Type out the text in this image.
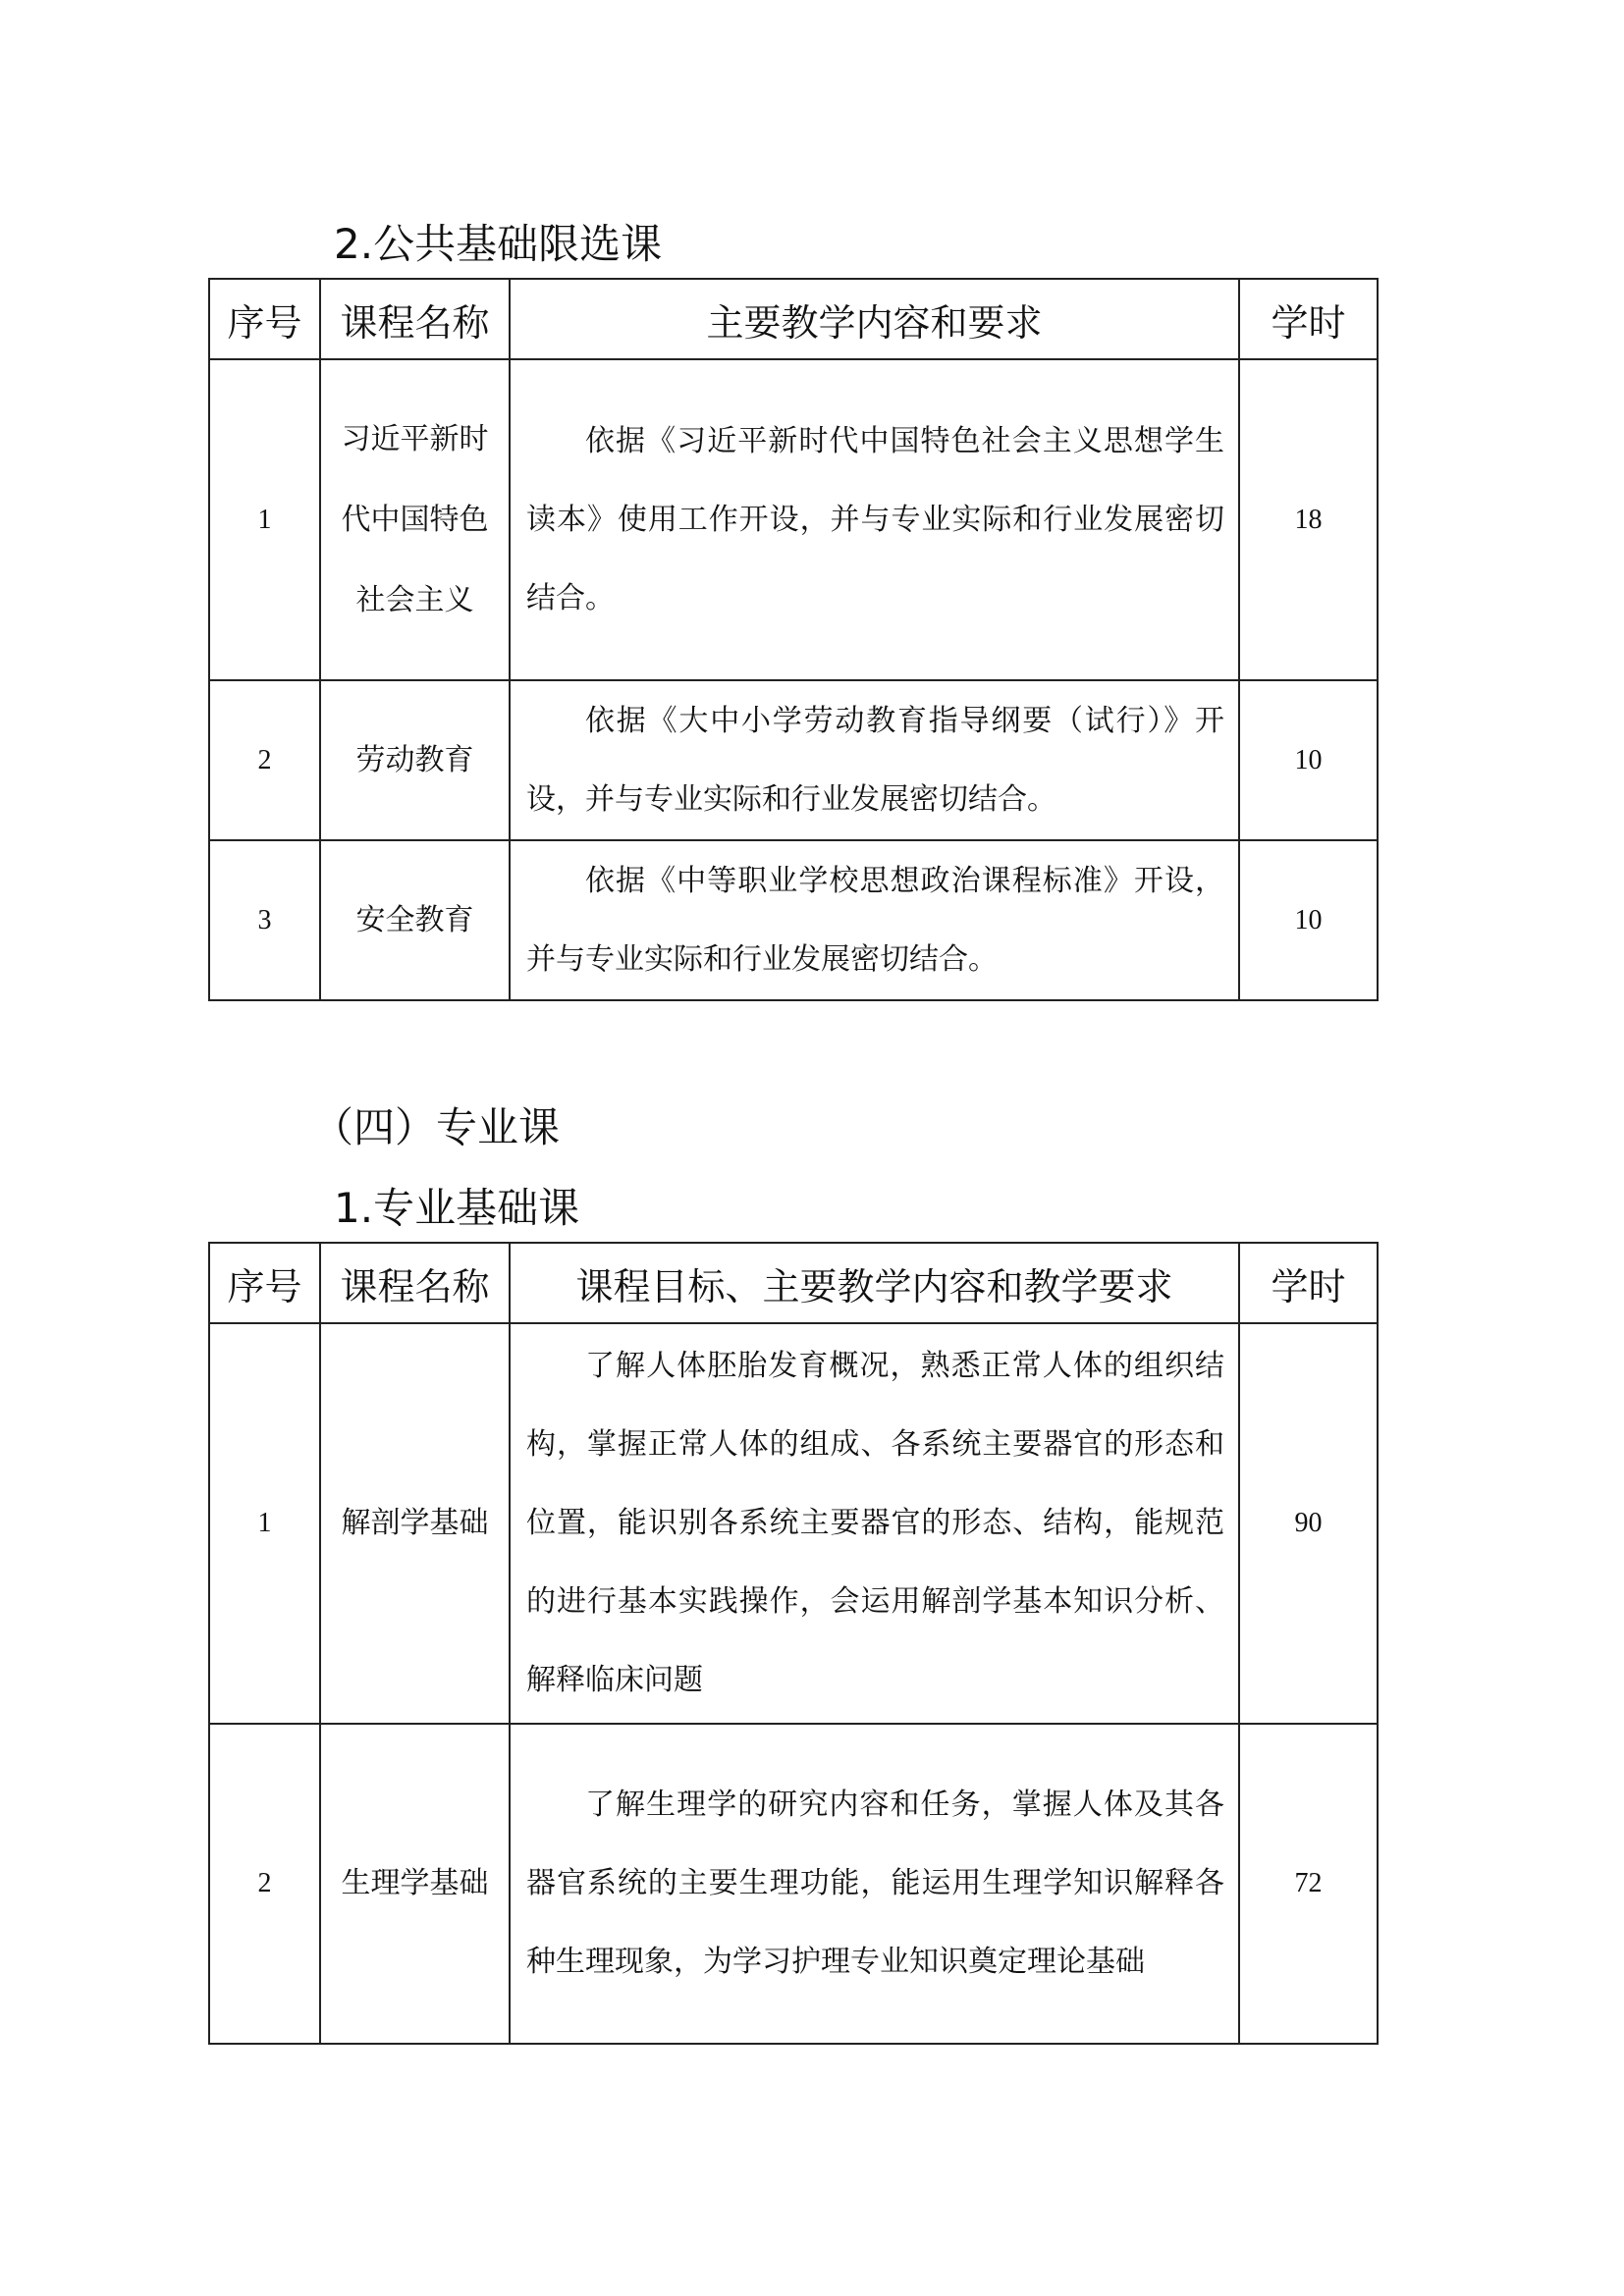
2.公共基础限选课
序号	课程名称	主要教学内容和要求	学时
1	习近平新时代中国特色社会主义	依据《习近平新时代中国特色社会主义思想学生读本》使用工作开设，并与专业实际和行业发展密切结合。	18
2	劳动教育	依据《大中小学劳动教育指导纲要（试行）》开设，并与专业实际和行业发展密切结合。	10
3	安全教育	依据《中等职业学校思想政治课程标准》开设，并与专业实际和行业发展密切结合。	10
（四）专业课
1.专业基础课
序号	课程名称	课程目标、主要教学内容和教学要求	学时
1	解剖学基础	了解人体胚胎发育概况，熟悉正常人体的组织结构，掌握正常人体的组成、各系统主要器官的形态和位置，能识别各系统主要器官的形态、结构，能规范的进行基本实践操作，会运用解剖学基本知识分析、解释临床问题	90
2	生理学基础	了解生理学的研究内容和任务，掌握人体及其各器官系统的主要生理功能，能运用生理学知识解释各种生理现象，为学习护理专业知识奠定理论基础	72
